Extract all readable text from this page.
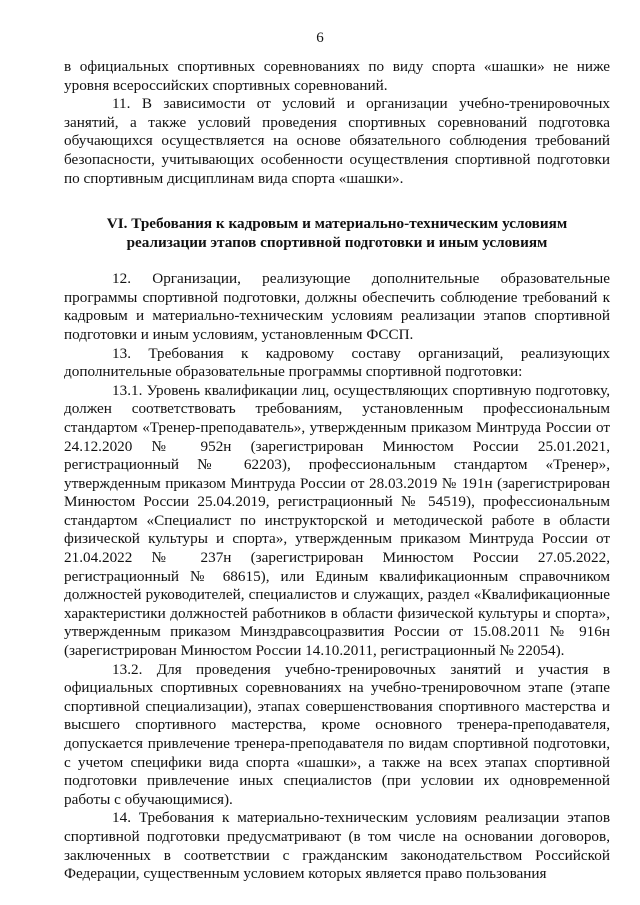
6

в официальных спортивных соревнованиях по виду спорта «шашки» не ниже уровня всероссийских спортивных соревнований.

11. В зависимости от условий и организации учебно-тренировочных занятий, а также условий проведения спортивных соревнований подготовка обучающихся осуществляется на основе обязательного соблюдения требований безопасности, учитывающих особенности осуществления спортивной подготовки по спортивным дисциплинам вида спорта «шашки».

VI. Требования к кадровым и материально-техническим условиям реализации этапов спортивной подготовки и иным условиям

12. Организации, реализующие дополнительные образовательные программы спортивной подготовки, должны обеспечить соблюдение требований к кадровым и материально-техническим условиям реализации этапов спортивной подготовки и иным условиям, установленным ФССП.

13. Требования к кадровому составу организаций, реализующих дополнительные образовательные программы спортивной подготовки:

13.1. Уровень квалификации лиц, осуществляющих спортивную подготовку, должен соответствовать требованиям, установленным профессиональным стандартом «Тренер-преподаватель», утвержденным приказом Минтруда России от 24.12.2020 № 952н (зарегистрирован Минюстом России 25.01.2021, регистрационный № 62203), профессиональным стандартом «Тренер», утвержденным приказом Минтруда России от 28.03.2019 № 191н (зарегистрирован Минюстом России 25.04.2019, регистрационный № 54519), профессиональным стандартом «Специалист по инструкторской и методической работе в области физической культуры и спорта», утвержденным приказом Минтруда России от 21.04.2022 № 237н (зарегистрирован Минюстом России 27.05.2022, регистрационный № 68615), или Единым квалификационным справочником должностей руководителей, специалистов и служащих, раздел «Квалификационные характеристики должностей работников в области физической культуры и спорта», утвержденным приказом Минздравсоцразвития России от 15.08.2011 № 916н (зарегистрирован Минюстом России 14.10.2011, регистрационный № 22054).

13.2. Для проведения учебно-тренировочных занятий и участия в официальных спортивных соревнованиях на учебно-тренировочном этапе (этапе спортивной специализации), этапах совершенствования спортивного мастерства и высшего спортивного мастерства, кроме основного тренера-преподавателя, допускается привлечение тренера-преподавателя по видам спортивной подготовки, с учетом специфики вида спорта «шашки», а также на всех этапах спортивной подготовки привлечение иных специалистов (при условии их одновременной работы с обучающимися).

14. Требования к материально-техническим условиям реализации этапов спортивной подготовки предусматривают (в том числе на основании договоров, заключенных в соответствии с гражданским законодательством Российской Федерации, существенным условием которых является право пользования
